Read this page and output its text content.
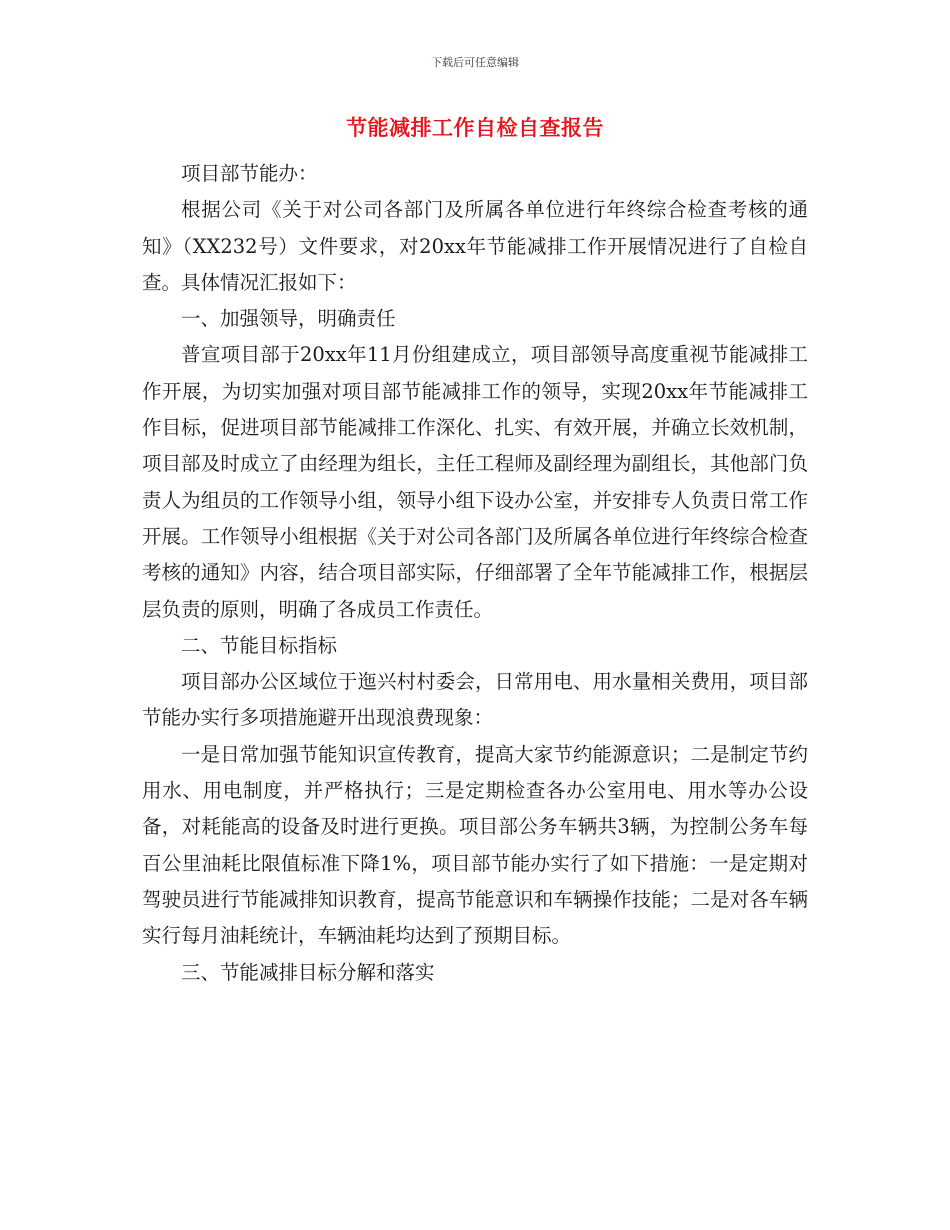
下载后可任意编辑
节能减排工作自检自查报告

项目部节能办：

根据公司《关于对公司各部门及所属各单位进行年终综合检查考核的通知》（XX232号）文件要求，对20xx年节能减排工作开展情况进行了自检自查。具体情况汇报如下：

一、加强领导，明确责任

普宣项目部于20xx年11月份组建成立，项目部领导高度重视节能减排工作开展，为切实加强对项目部节能减排工作的领导，实现20xx年节能减排工作目标，促进项目部节能减排工作深化、扎实、有效开展，并确立长效机制，项目部及时成立了由经理为组长，主任工程师及副经理为副组长，其他部门负责人为组员的工作领导小组，领导小组下设办公室，并安排专人负责日常工作开展。工作领导小组根据《关于对公司各部门及所属各单位进行年终综合检查考核的通知》内容，结合项目部实际，仔细部署了全年节能减排工作，根据层层负责的原则，明确了各成员工作责任。

二、节能目标指标

项目部办公区域位于迤兴村村委会，日常用电、用水量相关费用，项目部节能办实行多项措施避开出现浪费现象：

一是日常加强节能知识宣传教育，提高大家节约能源意识；二是制定节约用水、用电制度，并严格执行；三是定期检查各办公室用电、用水等办公设备，对耗能高的设备及时进行更换。项目部公务车辆共3辆，为控制公务车每百公里油耗比限值标准下降1%，项目部节能办实行了如下措施：一是定期对驾驶员进行节能减排知识教育，提高节能意识和车辆操作技能；二是对各车辆实行每月油耗统计，车辆油耗均达到了预期目标。

三、节能减排目标分解和落实
